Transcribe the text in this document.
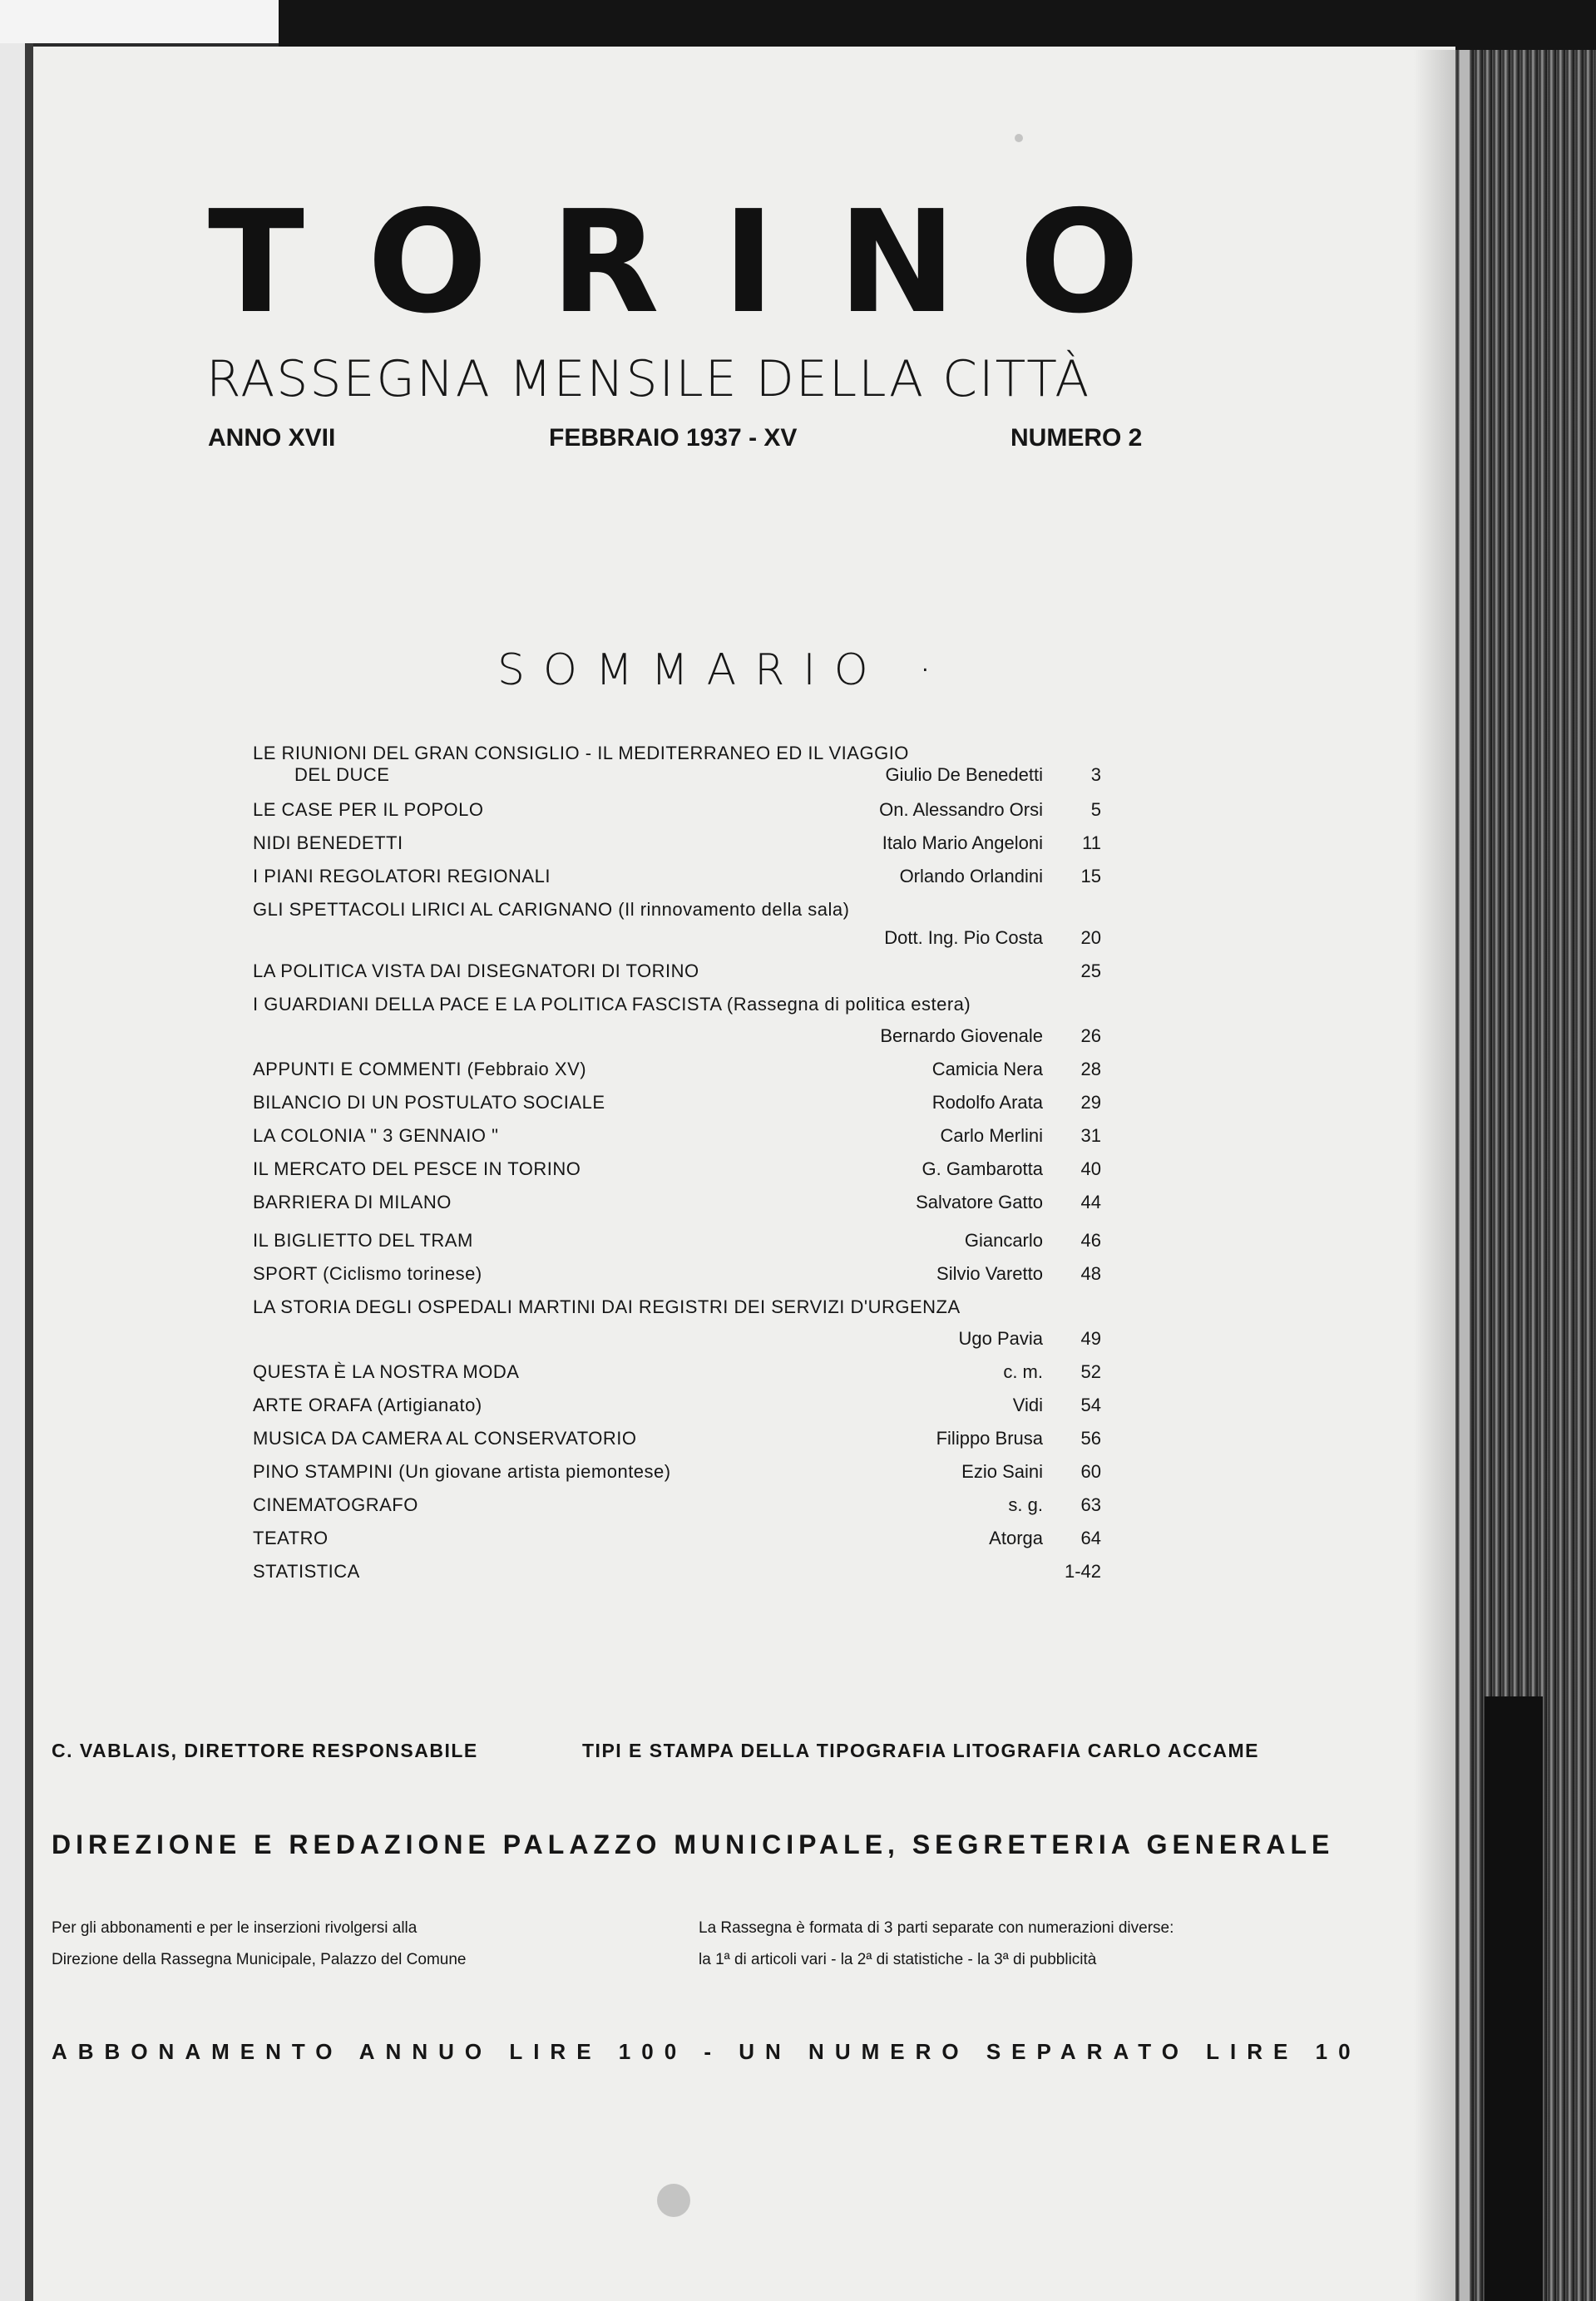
T O R I N O
RASSEGNA MENSILE DELLA CITTÀ
ANNO XVII	FEBBRAIO 1937 - XV	NUMERO 2
SOMMARIO ·
LE RIUNIONI DEL GRAN CONSIGLIO - IL MEDITERRANEO ED IL VIAGGIO
DEL DUCE	Giulio De Benedetti	3
LE CASE PER IL POPOLO	On. Alessandro Orsi	5
NIDI BENEDETTI	Italo Mario Angeloni	11
I PIANI REGOLATORI REGIONALI	Orlando Orlandini	15
GLI SPETTACOLI LIRICI AL CARIGNANO (Il rinnovamento della sala)
Dott. Ing. Pio Costa	20
LA POLITICA VISTA DAI DISEGNATORI DI TORINO	25
I GUARDIANI DELLA PACE E LA POLITICA FASCISTA (Rassegna di politica estera)
Bernardo Giovenale	26
APPUNTI E COMMENTI (Febbraio XV)	Camicia Nera	28
BILANCIO DI UN POSTULATO SOCIALE	Rodolfo Arata	29
LA COLONIA " 3 GENNAIO "	Carlo Merlini	31
IL MERCATO DEL PESCE IN TORINO	G. Gambarotta	40
BARRIERA DI MILANO	Salvatore Gatto	44
IL BIGLIETTO DEL TRAM	Giancarlo	46
SPORT (Ciclismo torinese)	Silvio Varetto	48
LA STORIA DEGLI OSPEDALI MARTINI DAI REGISTRI DEI SERVIZI D'URGENZA
Ugo Pavia	49
QUESTA È LA NOSTRA MODA	c. m.	52
ARTE ORAFA (Artigianato)	Vidi	54
MUSICA DA CAMERA AL CONSERVATORIO	Filippo Brusa	56
PINO STAMPINI (Un giovane artista piemontese)	Ezio Saini	60
CINEMATOGRAFO	s. g.	63
TEATRO	Atorga	64
STATISTICA	1-42
C. VABLAIS, DIRETTORE RESPONSABILE	TIPI E STAMPA DELLA TIPOGRAFIA LITOGRAFIA CARLO ACCAME
DIREZIONE E REDAZIONE PALAZZO MUNICIPALE, SEGRETERIA GENERALE
Per gli abbonamenti e per le inserzioni rivolgersi alla
Direzione della Rassegna Municipale, Palazzo del Comune
La Rassegna è formata di 3 parti separate con numerazioni diverse:
la 1ª di articoli vari - la 2ª di statistiche - la 3ª di pubblicità
ABBONAMENTO ANNUO LIRE 100 - UN NUMERO SEPARATO LIRE 10
